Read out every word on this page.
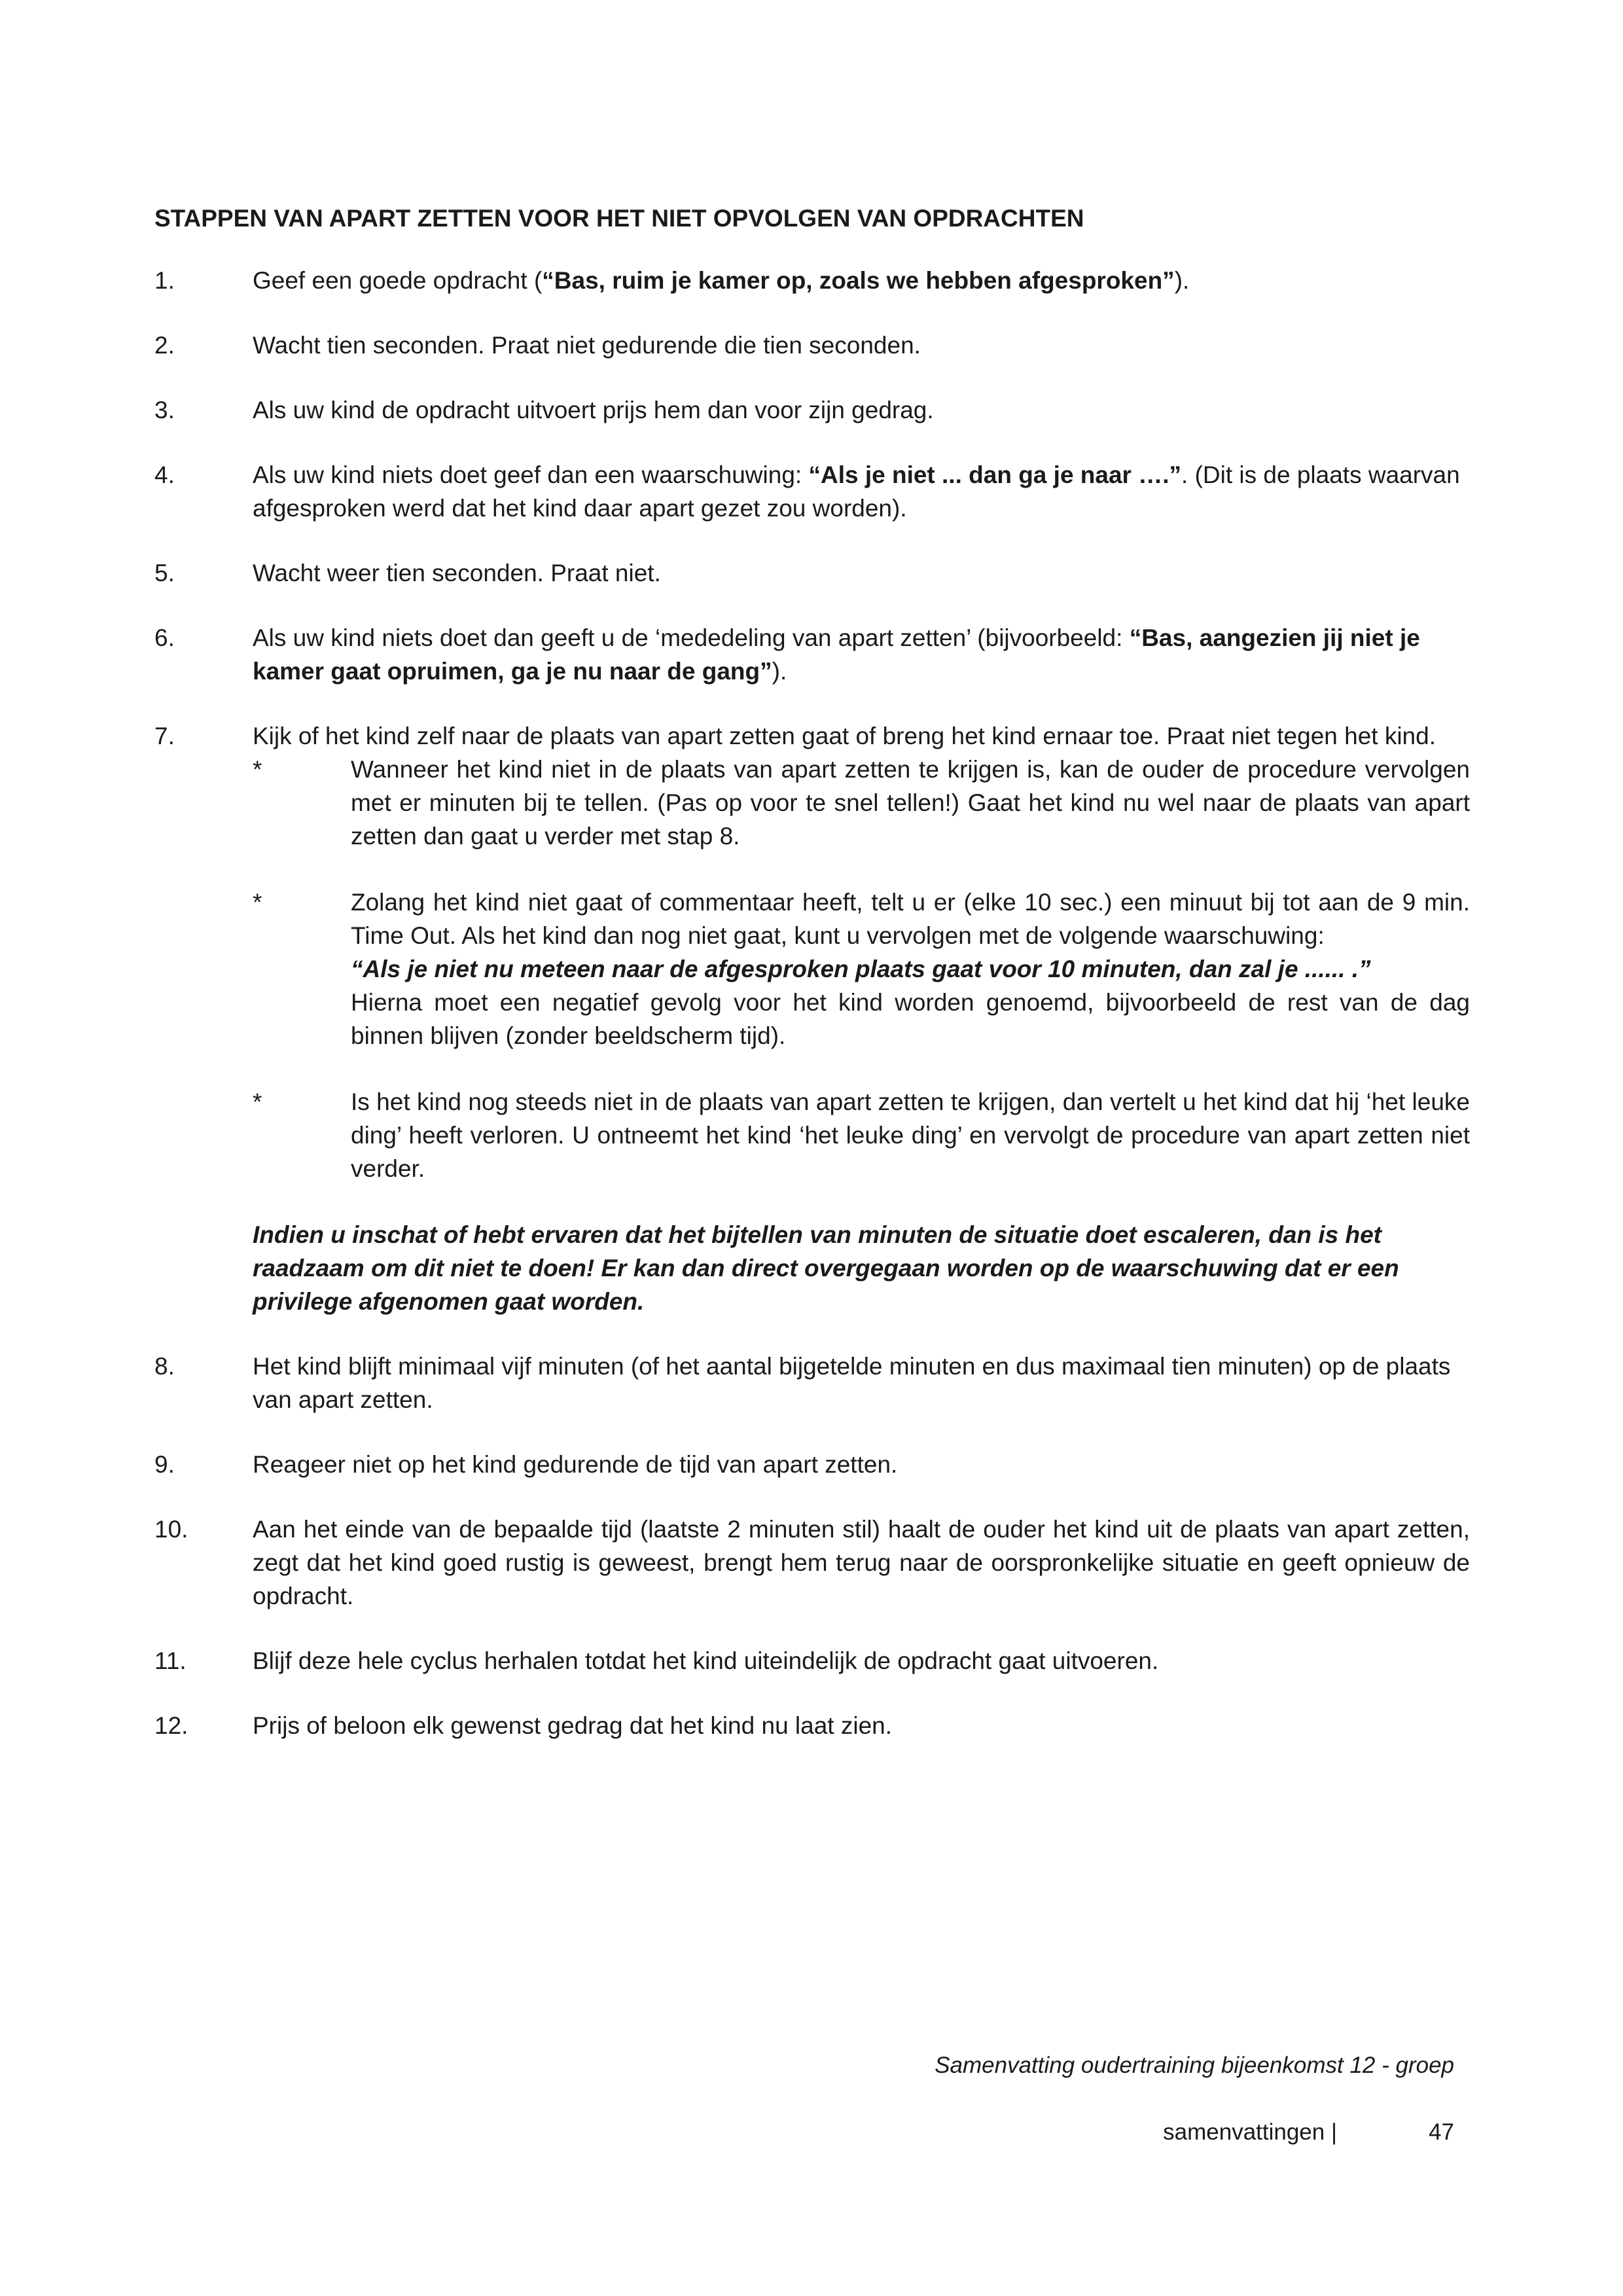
STAPPEN VAN APART ZETTEN VOOR HET NIET OPVOLGEN VAN OPDRACHTEN
1.	Geef een goede opdracht (“Bas, ruim je kamer op, zoals we hebben afgesproken”).
2.	Wacht tien seconden. Praat niet gedurende die tien seconden.
3.	Als uw kind de opdracht uitvoert prijs hem dan voor zijn gedrag.
4.	Als uw kind niets doet geef dan een waarschuwing: “Als je niet ... dan ga je naar ….”. (Dit is de plaats waarvan afgesproken werd dat het kind daar apart gezet zou worden).
5.	Wacht weer tien seconden. Praat niet.
6.	Als uw kind niets doet dan geeft u de ‘mededeling van apart zetten’ (bijvoorbeeld: “Bas, aangezien jij niet je kamer gaat opruimen, ga je nu naar de gang”).
7.	Kijk of het kind zelf naar de plaats van apart zetten gaat of breng het kind ernaar toe. Praat niet tegen het kind.
*	Wanneer het kind niet in de plaats van apart zetten te krijgen is, kan de ouder de procedure vervolgen met er minuten bij te tellen. (Pas op voor te snel tellen!) Gaat het kind nu wel naar de plaats van apart zetten dan gaat u verder met stap 8.
*	Zolang het kind niet gaat of commentaar heeft, telt u er (elke 10 sec.) een minuut bij tot aan de 9 min. Time Out. Als het kind dan nog niet gaat, kunt u vervolgen met de volgende waarschuwing:
“Als je niet nu meteen naar de afgesproken plaats gaat voor 10 minuten, dan zal je ...... .”
Hierna moet een negatief gevolg voor het kind worden genoemd, bijvoorbeeld de rest van de dag binnen blijven (zonder beeldscherm tijd).
*	Is het kind nog steeds niet in de plaats van apart zetten te krijgen, dan vertelt u het kind dat hij ‘het leuke ding’ heeft verloren. U ontneemt het kind ‘het leuke ding’ en vervolgt de procedure van apart zetten niet verder.
Indien u inschat of hebt ervaren dat het bijtellen van minuten de situatie doet escaleren, dan is het raadzaam om dit niet te doen! Er kan dan direct overgegaan worden op de waarschuwing dat er een privilege afgenomen gaat worden.
8.	Het kind blijft minimaal vijf minuten (of het aantal bijgetelde minuten en dus maximaal tien minuten) op de plaats van apart zetten.
9.	Reageer niet op het kind gedurende de tijd van apart zetten.
10.	Aan het einde van de bepaalde tijd (laatste 2 minuten stil) haalt de ouder het kind uit de plaats van apart zetten, zegt dat het kind goed rustig is geweest, brengt hem terug naar de oorspronkelijke situatie en geeft opnieuw de opdracht.
11.	Blijf deze hele cyclus herhalen totdat het kind uiteindelijk de opdracht gaat uitvoeren.
12.	Prijs of beloon elk gewenst gedrag dat het kind nu laat zien.
Samenvatting oudertraining bijeenkomst 12 - groep
samenvattingen |	47
